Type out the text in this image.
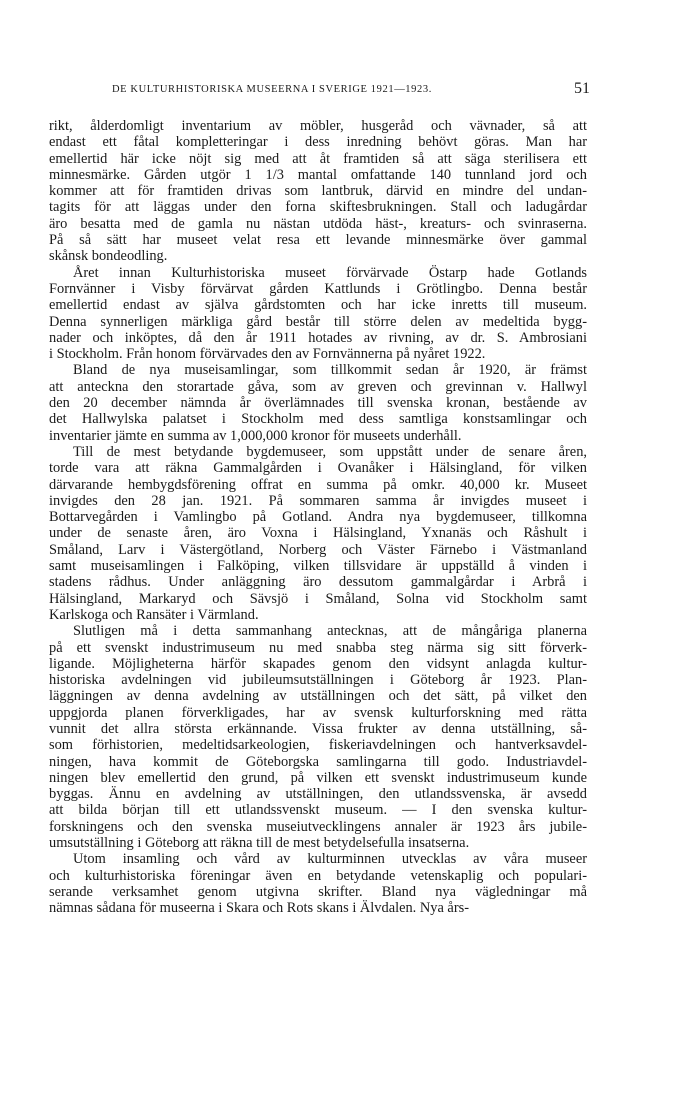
DE KULTURHISTORISKA MUSEERNA I SVERIGE 1921—1923.	51
rikt, ålderdomligt inventarium av möbler, husgeråd och vävnader, så att
endast ett fåtal kompletteringar i dess inredning behövt göras. Man har
emellertid här icke nöjt sig med att åt framtiden så att säga sterilisera ett
minnesmärke. Gården utgör 1 1/3 mantal omfattande 140 tunnland jord och
kommer att för framtiden drivas som lantbruk, därvid en mindre del undan-
tagits för att läggas under den forna skiftesbrukningen. Stall och ladugårdar
äro besatta med de gamla nu nästan utdöda häst-, kreaturs- och svinraserna.
På så sätt har museet velat resa ett levande minnesmärke över gammal
skånsk bondeodling.
Året innan Kulturhistoriska museet förvärvade Östarp hade Gotlands
Fornvänner i Visby förvärvat gården Kattlunds i Grötlingbo. Denna består
emellertid endast av själva gårdstomten och har icke inretts till museum.
Denna synnerligen märkliga gård består till större delen av medeltida bygg-
nader och inköptes, då den år 1911 hotades av rivning, av dr. S. Ambrosiani
i Stockholm. Från honom förvärvades den av Fornvännerna på nyåret 1922.
Bland de nya museisamlingar, som tillkommit sedan år 1920, är främst
att anteckna den storartade gåva, som av greven och grevinnan v. Hallwyl
den 20 december nämnda år överlämnades till svenska kronan, bestående av
det Hallwylska palatset i Stockholm med dess samtliga konstsamlingar och
inventarier jämte en summa av 1,000,000 kronor för museets underhåll.
Till de mest betydande bygdemuseer, som uppstått under de senare åren,
torde vara att räkna Gammalgården i Ovanåker i Hälsingland, för vilken
därvarande hembygdsförening offrat en summa på omkr. 40,000 kr. Museet
invigdes den 28 jan. 1921. På sommaren samma år invigdes museet i
Bottarvegården i Vamlingbo på Gotland. Andra nya bygdemuseer, tillkomna
under de senaste åren, äro Voxna i Hälsingland, Yxnanäs och Råshult i
Småland, Larv i Västergötland, Norberg och Väster Färnebo i Västmanland
samt museisamlingen i Falköping, vilken tillsvidare är uppställd å vinden i
stadens rådhus. Under anläggning äro dessutom gammalgårdar i Arbrå i
Hälsingland, Markaryd och Sävsjö i Småland, Solna vid Stockholm samt
Karlskoga och Ransäter i Värmland.
Slutligen må i detta sammanhang antecknas, att de mångåriga planerna
på ett svenskt industrimuseum nu med snabba steg närma sig sitt förverk-
ligande. Möjligheterna härför skapades genom den vidsynt anlagda kultur-
historiska avdelningen vid jubileumsutställningen i Göteborg år 1923. Plan-
läggningen av denna avdelning av utställningen och det sätt, på vilket den
uppgjorda planen förverkligades, har av svensk kulturforskning med rätta
vunnit det allra största erkännande. Vissa frukter av denna utställning, så-
som förhistorien, medeltidsarkeologien, fiskeriavdelningen och hantverksavdel-
ningen, hava kommit de Göteborgska samlingarna till godo. Industriavdel-
ningen blev emellertid den grund, på vilken ett svenskt industrimuseum kunde
byggas. Ännu en avdelning av utställningen, den utlandssvenska, är avsedd
att bilda början till ett utlandssvenskt museum. — I den svenska kultur-
forskningens och den svenska museiutvecklingens annaler är 1923 års jubile-
umsutställning i Göteborg att räkna till de mest betydelsefulla insatserna.
Utom insamling och vård av kulturminnen utvecklas av våra museer
och kulturhistoriska föreningar även en betydande vetenskaplig och populari-
serande verksamhet genom utgivna skrifter. Bland nya vägledningar må
nämnas sådana för museerna i Skara och Rots skans i Älvdalen. Nya års-
